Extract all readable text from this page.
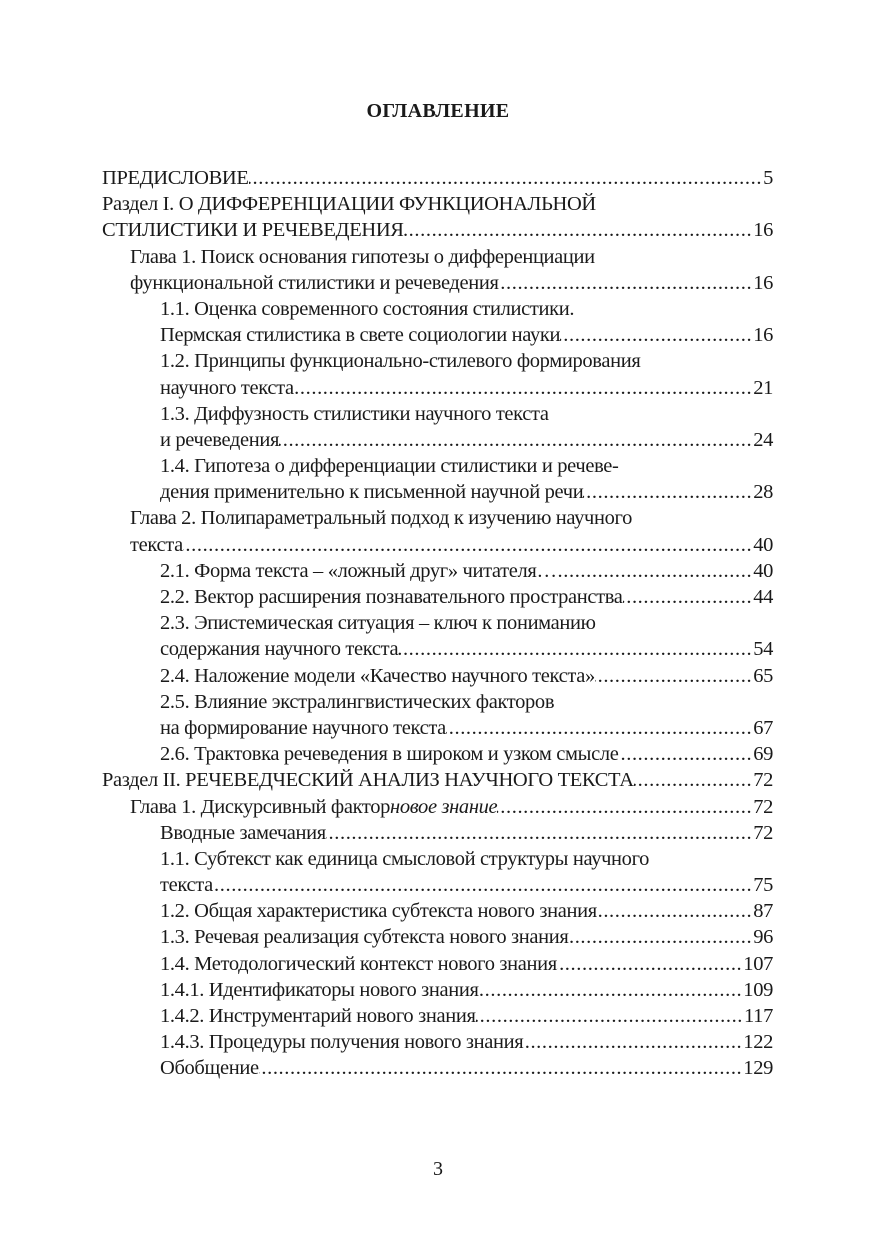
ОГЛАВЛЕНИЕ
ПРЕДИСЛОВИЕ .....	5
Раздел I. О ДИФФЕРЕНЦИАЦИИ ФУНКЦИОНАЛЬНОЙ
СТИЛИСТИКИ И РЕЧЕВЕДЕНИЯ .....	16
Глава 1. Поиск основания гипотезы о дифференциации
функциональной стилистики и речеведения .....	16
1.1. Оценка современного состояния стилистики.
Пермская стилистика в свете социологии науки .....	16
1.2. Принципы функционально-стилевого формирования
научного текста .....	21
1.3. Диффузность стилистики научного текста
и речеведения .....	24
1.4. Гипотеза о дифференциации стилистики и речеве-
дения применительно к письменной научной речи .....	28
Глава 2. Полипараметральный подход к изучению научного
текста .....	40
2.1. Форма текста – «ложный друг» читателя… .....	40
2.2. Вектор расширения познавательного пространства .....	44
2.3. Эпистемическая ситуация – ключ к пониманию
содержания научного текста .....	54
2.4. Наложение модели «Качество научного текста» .....	65
2.5. Влияние экстралингвистических факторов
на формирование научного текста .....	67
2.6. Трактовка речеведения в широком и узком смысле .....	69
Раздел II. РЕЧЕВЕДЧЕСКИЙ АНАЛИЗ НАУЧНОГО ТЕКСТА .....	72
Глава 1. Дискурсивный фактор новое знание .....	72
Вводные замечания .....	72
1.1. Субтекст как единица смысловой структуры научного
текста .....	75
1.2. Общая характеристика субтекста нового знания .....	87
1.3. Речевая реализация субтекста нового знания .....	96
1.4. Методологический контекст нового знания .....	107
1.4.1. Идентификаторы нового знания .....	109
1.4.2. Инструментарий нового знания .....	117
1.4.3. Процедуры получения нового знания .....	122
Обобщение .....	129
3
